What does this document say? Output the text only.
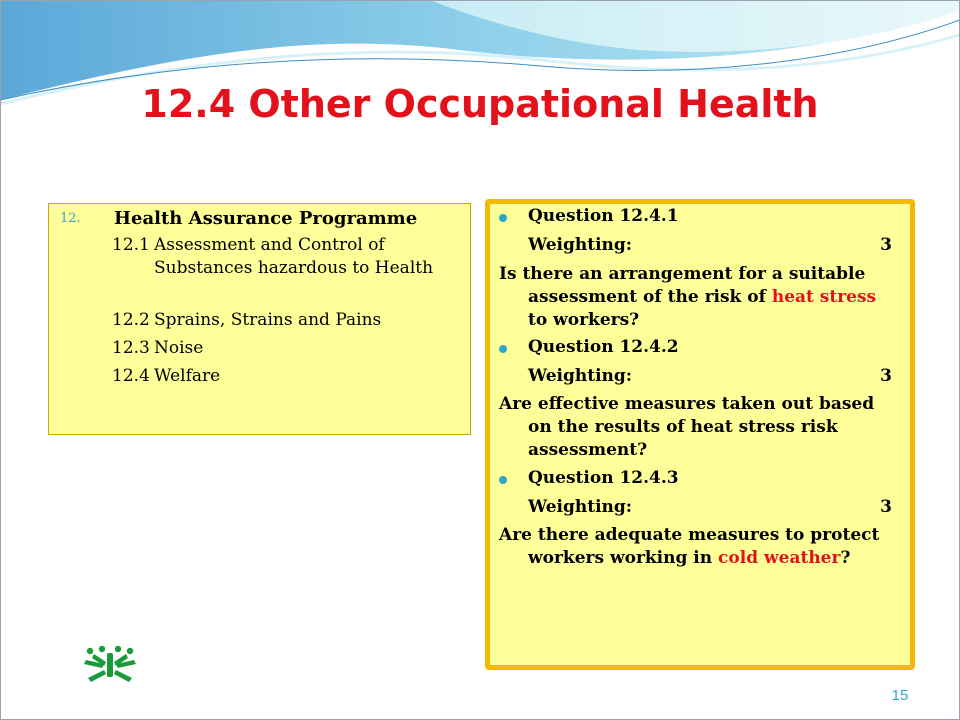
12.4 Other Occupational Health
12. Health Assurance Programme
12.1 Assessment and Control of Substances hazardous to Health
12.2 Sprains, Strains and Pains
12.3 Noise
12.4 Welfare
Question 12.4.1
Weighting:	3
Is there an arrangement for a suitable assessment of the risk of heat stress to workers?
Question 12.4.2
Weighting:	3
Are effective measures taken out based on the results of heat stress risk assessment?
Question 12.4.3
Weighting:	3
Are there adequate measures to protect workers working in cold weather?
15
